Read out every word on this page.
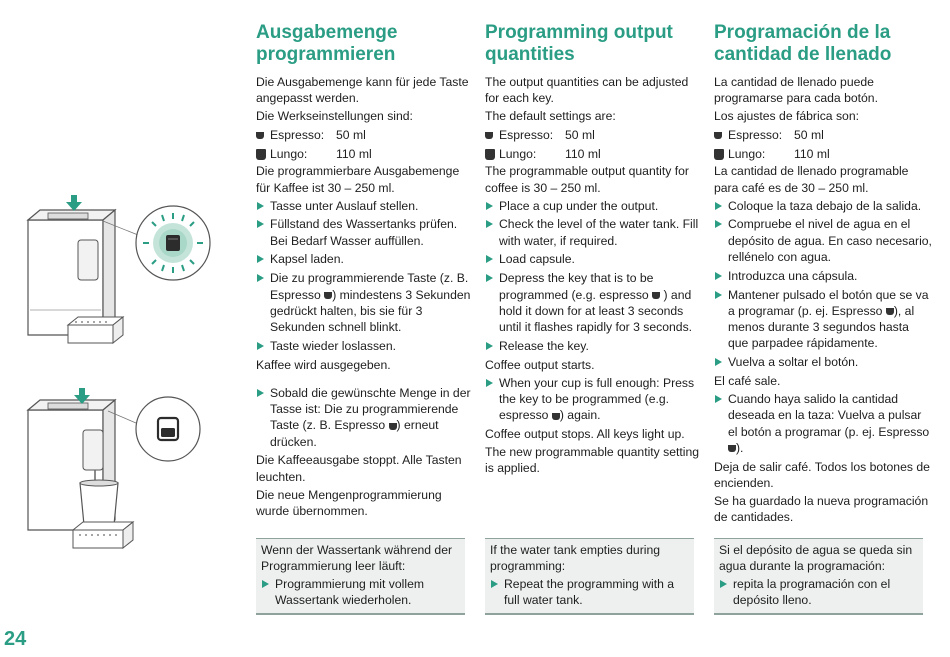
24
Ausgabemenge programmieren

Die Ausgabemenge kann für jede Taste angepasst werden.

Die Werkseinstellungen sind:

Espresso: 50 ml
Lungo:	110 ml

Die programmierbare Ausgabemenge für Kaffee ist 30 – 250 ml.

Tasse unter Auslauf stellen.
Füllstand des Wassertanks prüfen. Bei Bedarf Wasser auffüllen.
Kapsel laden.
Die zu programmierende Taste (z. B. Espresso ) mindestens 3 Sekunden gedrückt halten, bis sie für 3 Sekunden schnell blinkt.
Taste wieder loslassen.

Kaffee wird ausgegeben.

Sobald die gewünschte Menge in der Tasse ist: Die zu programmierende Taste (z. B. Espresso ) erneut drücken.

Die Kaffeeausgabe stoppt. Alle Tasten leuchten.

Die neue Mengenprogrammierung wurde übernommen.

Wenn der Wassertank während der Programmierung leer läuft:

Programmierung mit vollem Wassertank wiederholen.
Programming output quantities

The output quantities can be adjusted for each key.

The default settings are:

Espresso: 50 ml
Lungo:	110 ml

The programmable output quantity for coffee is 30 – 250 ml.

Place a cup under the output.
Check the level of the water tank. Fill with water, if required.
Load capsule.
Depress the key that is to be programmed (e.g. espresso ) and hold it down for at least 3 seconds until it flashes rapidly for 3 seconds.
Release the key.

Coffee output starts.

When your cup is full enough: Press the key to be programmed (e.g. espresso ) again.

Coffee output stops. All keys light up.

The new programmable quantity setting is applied.

If the water tank empties during programming:

Repeat the programming with a full water tank.
Programación de la cantidad de llenado

La cantidad de llenado puede programarse para cada botón.

Los ajustes de fábrica son:

Espresso: 50 ml
Lungo:	110 ml

La cantidad de llenado programable para café es de 30 – 250 ml.

Coloque la taza debajo de la salida.
Compruebe el nivel de agua en el depósito de agua. En caso necesario, rellénelo con agua.
Introduzca una cápsula.
Mantener pulsado el botón que se va a programar (p. ej. Espresso ), al menos durante 3 segundos hasta que parpadee rápidamente.
Vuelva a soltar el botón.

El café sale.

Cuando haya salido la cantidad deseada en la taza: Vuelva a pulsar el botón a programar (p. ej. Espresso ).

Deja de salir café. Todos los botones de encienden.

Se ha guardado la nueva programación de cantidades.

Si el depósito de agua se queda sin agua durante la programación:

repita la programación con el depósito lleno.
